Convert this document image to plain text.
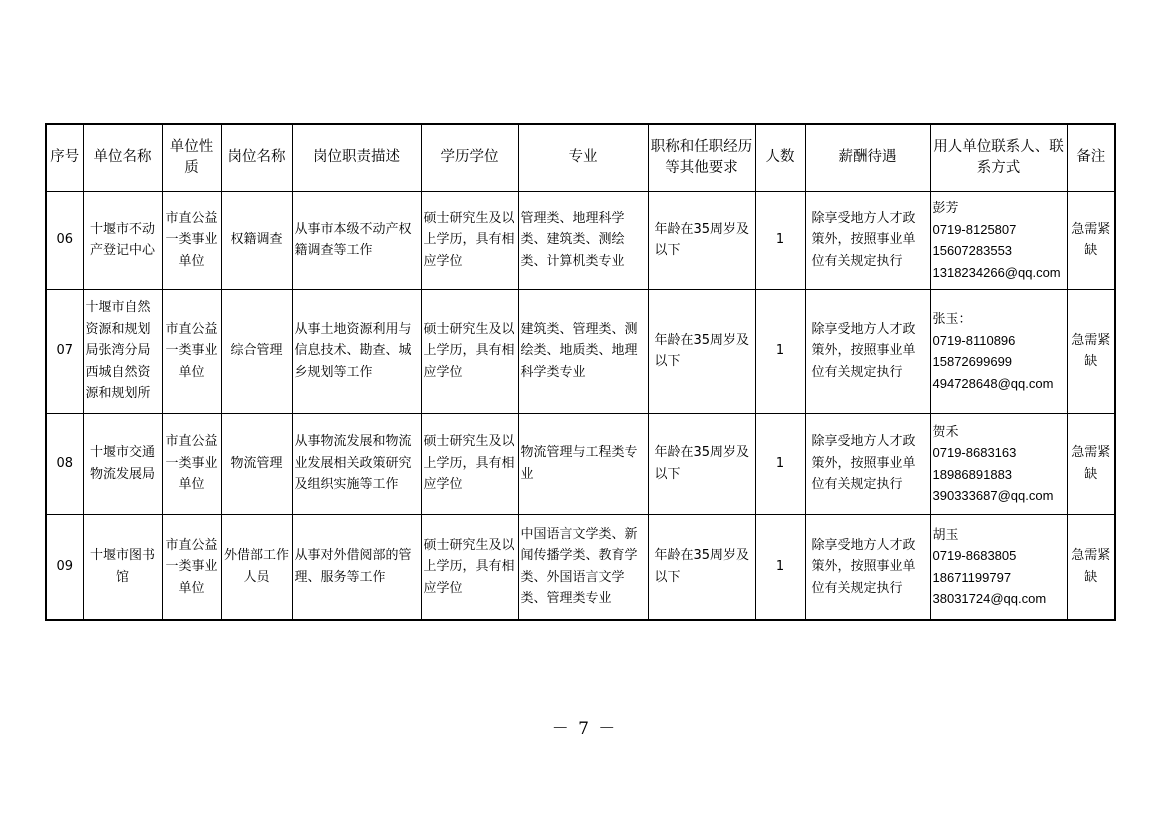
序号	单位名称	单位性质	岗位名称	岗位职责描述	学历学位	专业	职称和任职经历等其他要求	人数	薪酬待遇	用人单位联系人、联系方式	备注
06	十堰市不动产登记中心	市直公益一类事业单位	权籍调查	从事市本级不动产权籍调查等工作	硕士研究生及以上学历，具有相应学位	管理类、地理科学类、建筑类、测绘类、计算机类专业	年龄在35周岁及以下	1	除享受地方人才政策外，按照事业单位有关规定执行	彭芳
0719-8125807
15607283553
1318234266@qq.com	急需紧缺
07	十堰市自然资源和规划局张湾分局西城自然资源和规划所	市直公益一类事业单位	综合管理	从事土地资源利用与信息技术、勘查、城乡规划等工作	硕士研究生及以上学历，具有相应学位	建筑类、管理类、测绘类、地质类、地理科学类专业	年龄在35周岁及以下	1	除享受地方人才政策外，按照事业单位有关规定执行	张玉：
0719-8110896
15872699699
494728648@qq.com	急需紧缺
08	十堰市交通物流发展局	市直公益一类事业单位	物流管理	从事物流发展和物流业发展相关政策研究及组织实施等工作	硕士研究生及以上学历，具有相应学位	物流管理与工程类专业	年龄在35周岁及以下	1	除享受地方人才政策外，按照事业单位有关规定执行	贺禾
0719-8683163
18986891883
390333687@qq.com	急需紧缺
09	十堰市图书馆	市直公益一类事业单位	外借部工作人员	从事对外借阅部的管理、服务等工作	硕士研究生及以上学历，具有相应学位	中国语言文学类、新闻传播学类、教育学类、外国语言文学类、管理类专业	年龄在35周岁及以下	1	除享受地方人才政策外，按照事业单位有关规定执行	胡玉
0719-8683805
18671199797
38031724@qq.com	急需紧缺
－ 7 －
